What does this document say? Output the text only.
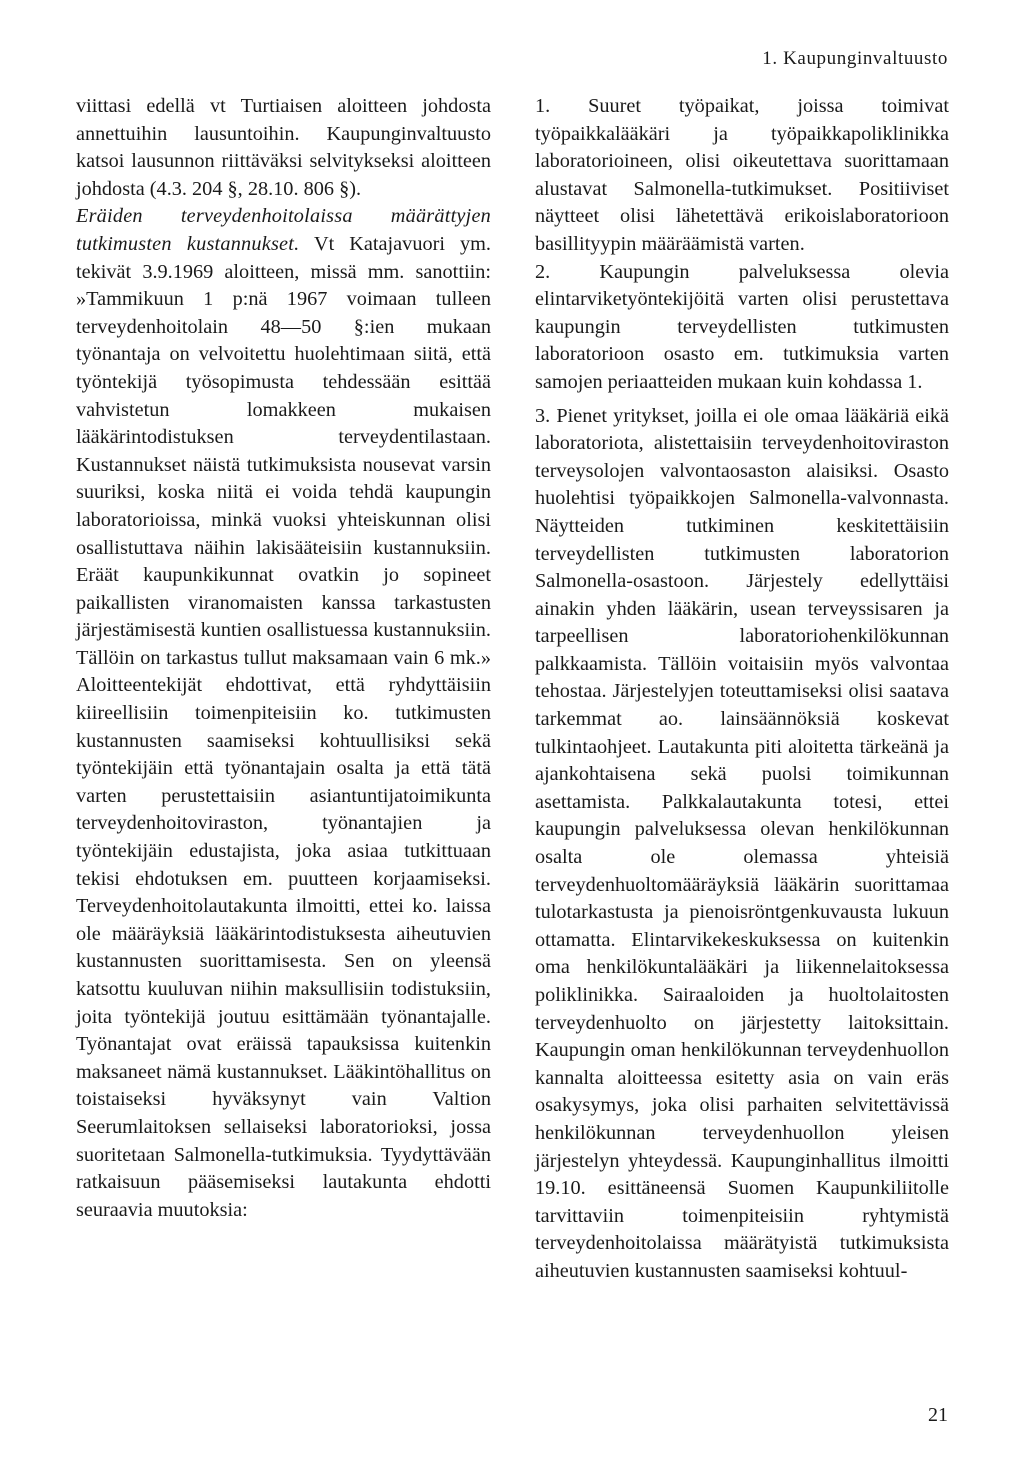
1. Kaupunginvaltuusto

viittasi edellä vt Turtiaisen aloitteen johdosta annettuihin lausuntoihin. Kaupunginvaltuusto katsoi lausunnon riittäväksi selvitykseksi aloitteen johdosta (4.3. 204 §, 28.10. 806 §).

Eräiden terveydenhoitolaissa määrättyjen tutkimusten kustannukset. Vt Katajavuori ym. tekivät 3.9.1969 aloitteen, missä mm. sanottiin: »Tammikuun 1 p:nä 1967 voimaan tulleen terveydenhoitolain 48—50 §:ien mukaan työnantaja on velvoitettu huolehtimaan siitä, että työntekijä työsopimusta tehdessään esittää vahvistetun lomakkeen mukaisen lääkärintodistuksen terveydentilastaan. Kustannukset näistä tutkimuksista nousevat varsin suuriksi, koska niitä ei voida tehdä kaupungin laboratorioissa, minkä vuoksi yhteiskunnan olisi osallistuttava näihin lakisääteisiin kustannuksiin. Eräät kaupunkikunnat ovatkin jo sopineet paikallisten viranomaisten kanssa tarkastusten järjestämisestä kuntien osallistuessa kustannuksiin. Tällöin on tarkastus tullut maksamaan vain 6 mk.» Aloitteentekijät ehdottivat, että ryhdyttäisiin kiireellisiin toimenpiteisiin ko. tutkimusten kustannusten saamiseksi kohtuullisiksi sekä työntekijäin että työnantajain osalta ja että tätä varten perustettaisiin asiantuntijatoimikunta terveydenhoitoviraston, työnantajien ja työntekijäin edustajista, joka asiaa tutkittuaan tekisi ehdotuksen em. puutteen korjaamiseksi. Terveydenhoitolautakunta ilmoitti, ettei ko. laissa ole määräyksiä lääkärintodistuksesta aiheutuvien kustannusten suorittamisesta. Sen on yleensä katsottu kuuluvan niihin maksullisiin todistuksiin, joita työntekijä joutuu esittämään työnantajalle. Työnantajat ovat eräissä tapauksissa kuitenkin maksaneet nämä kustannukset. Lääkintöhallitus on toistaiseksi hyväksynyt vain Valtion Seerumlaitoksen sellaiseksi laboratorioksi, jossa suoritetaan Salmonella-tutkimuksia. Tyydyttävään ratkaisuun pääsemiseksi lautakunta ehdotti seuraavia muutoksia:

1. Suuret työpaikat, joissa toimivat työpaikkalääkäri ja työpaikkapoliklinikka laboratorioineen, olisi oikeutettava suorittamaan alustavat Salmonella-tutkimukset. Positiiviset näytteet olisi lähetettävä erikoislaboratorioon basillityypin määräämistä varten.

2. Kaupungin palveluksessa olevia elintarviketyöntekijöitä varten olisi perustettava kaupungin terveydellisten tutkimusten laboratorioon osasto em. tutkimuksia varten samojen periaatteiden mukaan kuin kohdassa 1.

3. Pienet yritykset, joilla ei ole omaa lääkäriä eikä laboratoriota, alistettaisiin terveydenhoitoviraston terveysolojen valvontaosaston alaisiksi. Osasto huolehtisi työpaikkojen Salmonella-valvonnasta. Näytteiden tutkiminen keskitettäisiin terveydellisten tutkimusten laboratorion Salmonella-osastoon. Järjestely edellyttäisi ainakin yhden lääkärin, usean terveyssisaren ja tarpeellisen laboratoriohenkilökunnan palkkaamista. Tällöin voitaisiin myös valvontaa tehostaa. Järjestelyjen toteuttamiseksi olisi saatava tarkemmat ao. lainsäännöksiä koskevat tulkintaohjeet. Lautakunta piti aloitetta tärkeänä ja ajankohtaisena sekä puolsi toimikunnan asettamista. Palkkalautakunta totesi, ettei kaupungin palveluksessa olevan henkilökunnan osalta ole olemassa yhteisiä terveydenhuoltomääräyksiä lääkärin suorittamaa tulotarkastusta ja pienoisröntgenkuvausta lukuun ottamatta. Elintarvikekeskuksessa on kuitenkin oma henkilökuntalääkäri ja liikennelaitoksessa poliklinikka. Sairaaloiden ja huoltolaitosten terveydenhuolto on järjestetty laitoksittain. Kaupungin oman henkilökunnan terveydenhuollon kannalta aloitteessa esitetty asia on vain eräs osakysymys, joka olisi parhaiten selvitettävissä henkilökunnan terveydenhuollon yleisen järjestelyn yhteydessä. Kaupunginhallitus ilmoitti 19.10. esittäneensä Suomen Kaupunkiliitolle tarvittaviin toimenpiteisiin ryhtymistä terveydenhoitolaissa määrätyistä tutkimuksista aiheutuvien kustannusten saamiseksi kohtuul-

21
